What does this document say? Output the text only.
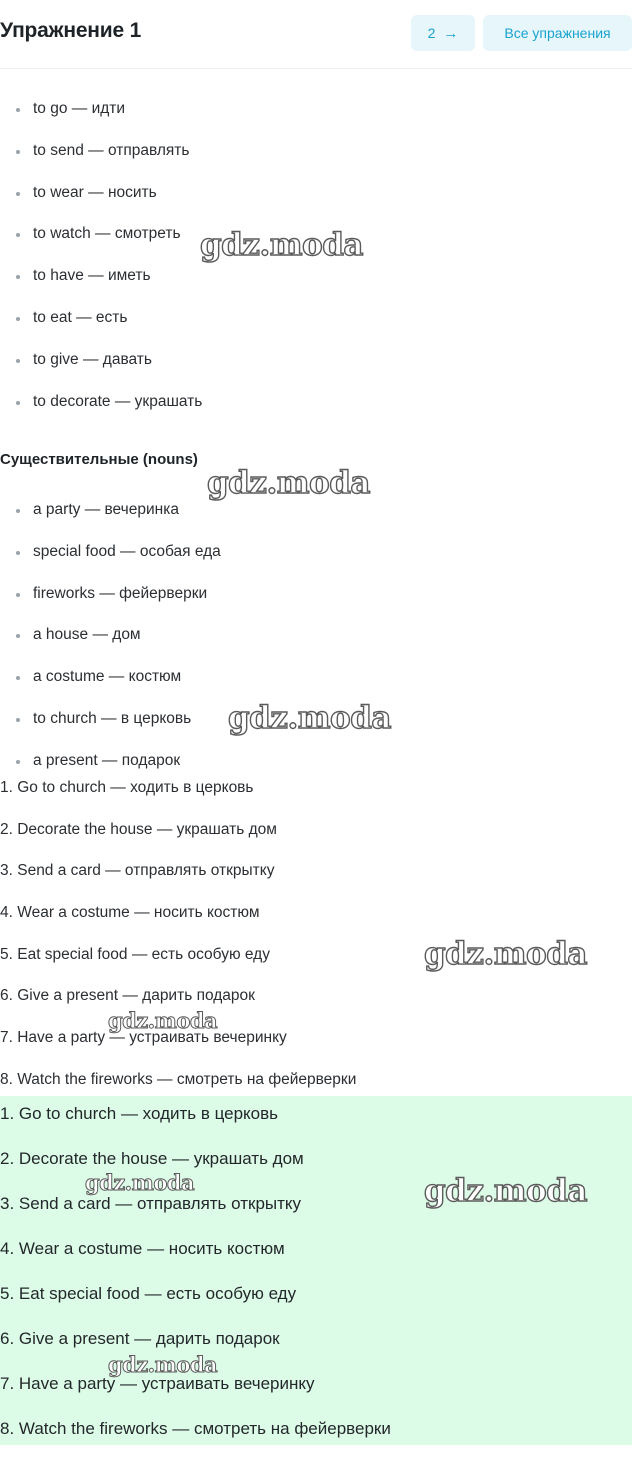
Упражнение 1	2 →	Все упражнения
to go — идти
to send — отправлять
to wear — носить
to watch — смотреть
to have — иметь
to eat — есть
to give — давать
to decorate — украшать
Существительные (nouns)
a party — вечеринка
special food — особая еда
fireworks — фейерверки
a house — дом
a costume — костюм
to church — в церковь
a present — подарок
1. Go to church — ходить в церковь
2. Decorate the house — украшать дом
3. Send a card — отправлять открытку
4. Wear a costume — носить костюм
5. Eat special food — есть особую еду
6. Give a present — дарить подарок
7. Have a party — устраивать вечеринку
8. Watch the fireworks — смотреть на фейерверки
1. Go to church — ходить в церковь
2. Decorate the house — украшать дом
3. Send a card — отправлять открытку
4. Wear a costume — носить костюм
5. Eat special food — есть особую еду
6. Give a present — дарить подарок
7. Have a party — устраивать вечеринку
8. Watch the fireworks — смотреть на фейерверки
gdz.moda
gdz.moda
gdz.moda
gdz.moda
gdz.moda
gdz.moda	gdz.moda
gdz.moda
